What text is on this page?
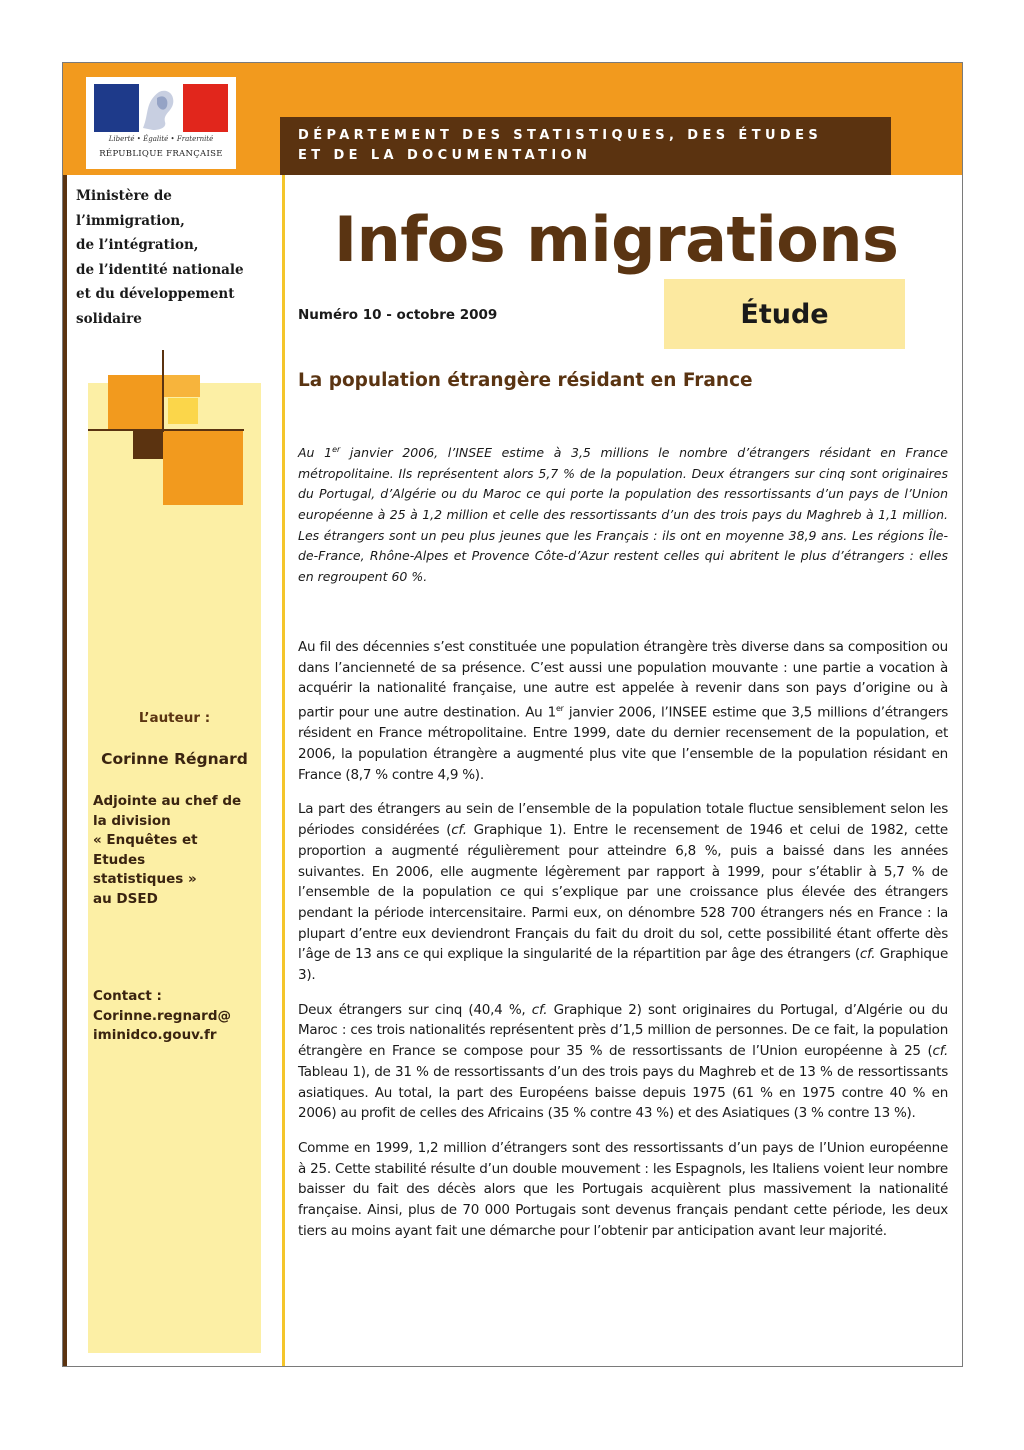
DÉPARTEMENT DES STATISTIQUES, DES ÉTUDES
ET DE LA DOCUMENTATION

Liberté • Égalité • Fraternité
RÉPUBLIQUE FRANÇAISE

Ministère de l’immigration,
de l’intégration,
de l’identité nationale
et du développement
solidaire

Infos migrations
Numéro 10 - octobre 2009	Étude
La population étrangère résidant en France

Au 1er janvier 2006, l’INSEE estime à 3,5 millions le nombre d’étrangers résidant en France métropolitaine. Ils représentent alors 5,7 % de la population. Deux étrangers sur cinq sont originaires du Portugal, d’Algérie ou du Maroc ce qui porte la population des ressortissants d’un pays de l’Union européenne à 25 à 1,2 million et celle des ressortissants d’un des trois pays du Maghreb à 1,1 million. Les étrangers sont un peu plus jeunes que les Français : ils ont en moyenne 38,9 ans. Les régions Île-de-France, Rhône-Alpes et Provence Côte-d’Azur restent celles qui abritent le plus d’étrangers : elles en regroupent 60 %.

Au fil des décennies s’est constituée une population étrangère très diverse dans sa composition ou dans l’ancienneté de sa présence. C’est aussi une population mouvante : une partie a vocation à acquérir la nationalité française, une autre est appelée à revenir dans son pays d’origine ou à partir pour une autre destination. Au 1er janvier 2006, l’INSEE estime que 3,5 millions d’étrangers résident en France métropolitaine. Entre 1999, date du dernier recensement de la population, et 2006, la population étrangère a augmenté plus vite que l’ensemble de la population résidant en France (8,7 % contre 4,9 %).

La part des étrangers au sein de l’ensemble de la population totale fluctue sensiblement selon les périodes considérées (cf. Graphique 1). Entre le recensement de 1946 et celui de 1982, cette proportion a augmenté régulièrement pour atteindre 6,8 %, puis a baissé dans les années suivantes. En 2006, elle augmente légèrement par rapport à 1999, pour s’établir à 5,7 % de l’ensemble de la population ce qui s’explique par une croissance plus élevée des étrangers pendant la période intercensitaire. Parmi eux, on dénombre 528 700 étrangers nés en France : la plupart d’entre eux deviendront Français du fait du droit du sol, cette possibilité étant offerte dès l’âge de 13 ans ce qui explique la singularité de la répartition par âge des étrangers (cf. Graphique 3).

Deux étrangers sur cinq (40,4 %, cf. Graphique 2) sont originaires du Portugal, d’Algérie ou du Maroc : ces trois nationalités représentent près d’1,5 million de personnes. De ce fait, la population étrangère en France se compose pour 35 % de ressortissants de l’Union européenne à 25 (cf. Tableau 1), de 31 % de ressortissants d’un des trois pays du Maghreb et de 13 % de ressortissants asiatiques. Au total, la part des Européens baisse depuis 1975 (61 % en 1975 contre 40 % en 2006) au profit de celles des Africains (35 % contre 43 %) et des Asiatiques (3 % contre 13 %).

Comme en 1999, 1,2 million d’étrangers sont des ressortissants d’un pays de l’Union européenne à 25. Cette stabilité résulte d’un double mouvement : les Espagnols, les Italiens voient leur nombre baisser du fait des décès alors que les Portugais acquièrent plus massivement la nationalité française. Ainsi, plus de 70 000 Portugais sont devenus français pendant cette période, les deux tiers au moins ayant fait une démarche pour l’obtenir par anticipation avant leur majorité.

L’auteur :
Corinne Régnard

Adjointe au chef de
la division
« Enquêtes et
Etudes
statistiques »
au DSED

Contact :
Corinne.regnard@
iminidco.gouv.fr
